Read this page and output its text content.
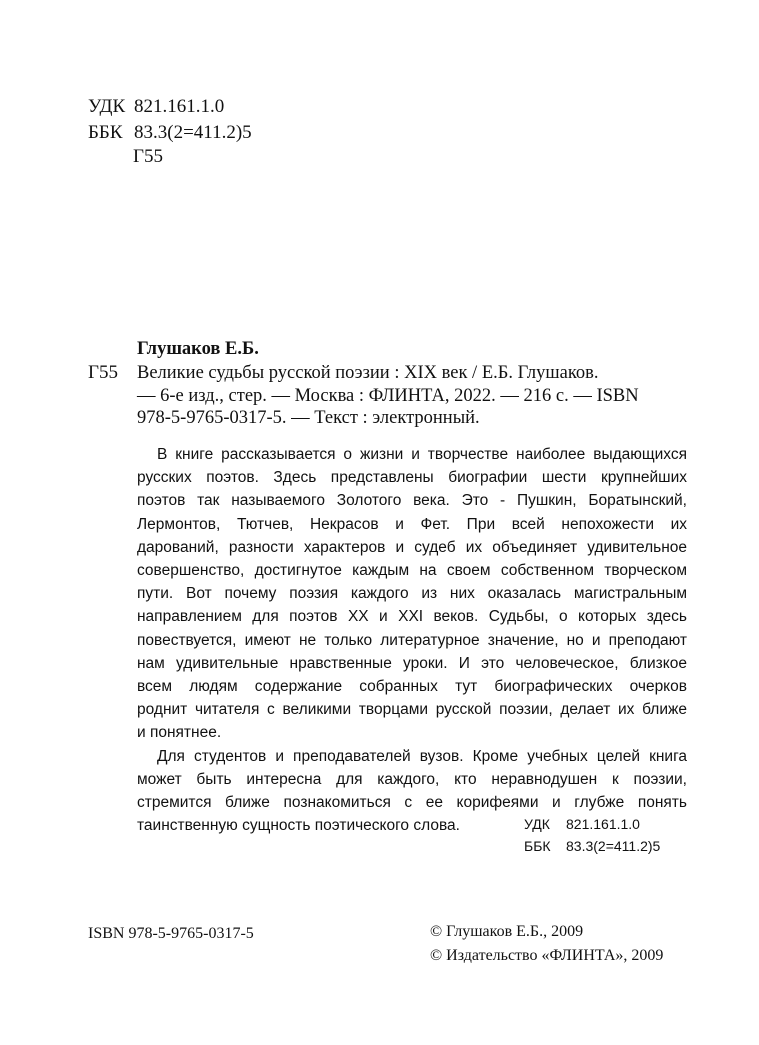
УДК 821.161.1.0
ББК 83.3(2=411.2)5
Г55
Глушаков Е.Б.
Г55 Великие судьбы русской поэзии : XIX век / Е.Б. Глушаков.
— 6-е изд., стер. — Москва : ФЛИНТА, 2022. — 216 с. — ISBN
978-5-9765-0317-5. — Текст : электронный.
В книге рассказывается о жизни и творчестве наиболее выдающихся
русских поэтов. Здесь представлены биографии шести крупнейших
поэтов так называемого Золотого века. Это - Пушкин, Боратынский,
Лермонтов, Тютчев, Некрасов и Фет. При всей непохожести их
дарований, разности характеров и судеб их объединяет удивительное
совершенство, достигнутое каждым на своем собственном творческом
пути. Вот почему поэзия каждого из них оказалась магистральным
направлением для поэтов XX и XXI веков. Судьбы, о которых здесь
повествуется, имеют не только литературное значение, но и преподают
нам удивительные нравственные уроки. И это человеческое, близкое
всем людям содержание собранных тут биографических очерков
роднит читателя с великими творцами русской поэзии, делает их ближе
и понятнее.
Для студентов и преподавателей вузов. Кроме учебных целей книга
может быть интересна для каждого, кто неравнодушен к поэзии,
стремится ближе познакомиться с ее корифеями и глубже понять
таинственную сущность поэтического слова.	УДК 821.161.1.0
ББК 83.3(2=411.2)5
ISBN 978-5-9765-0317-5	© Глушаков Е.Б., 2009
© Издательство «ФЛИНТА», 2009
